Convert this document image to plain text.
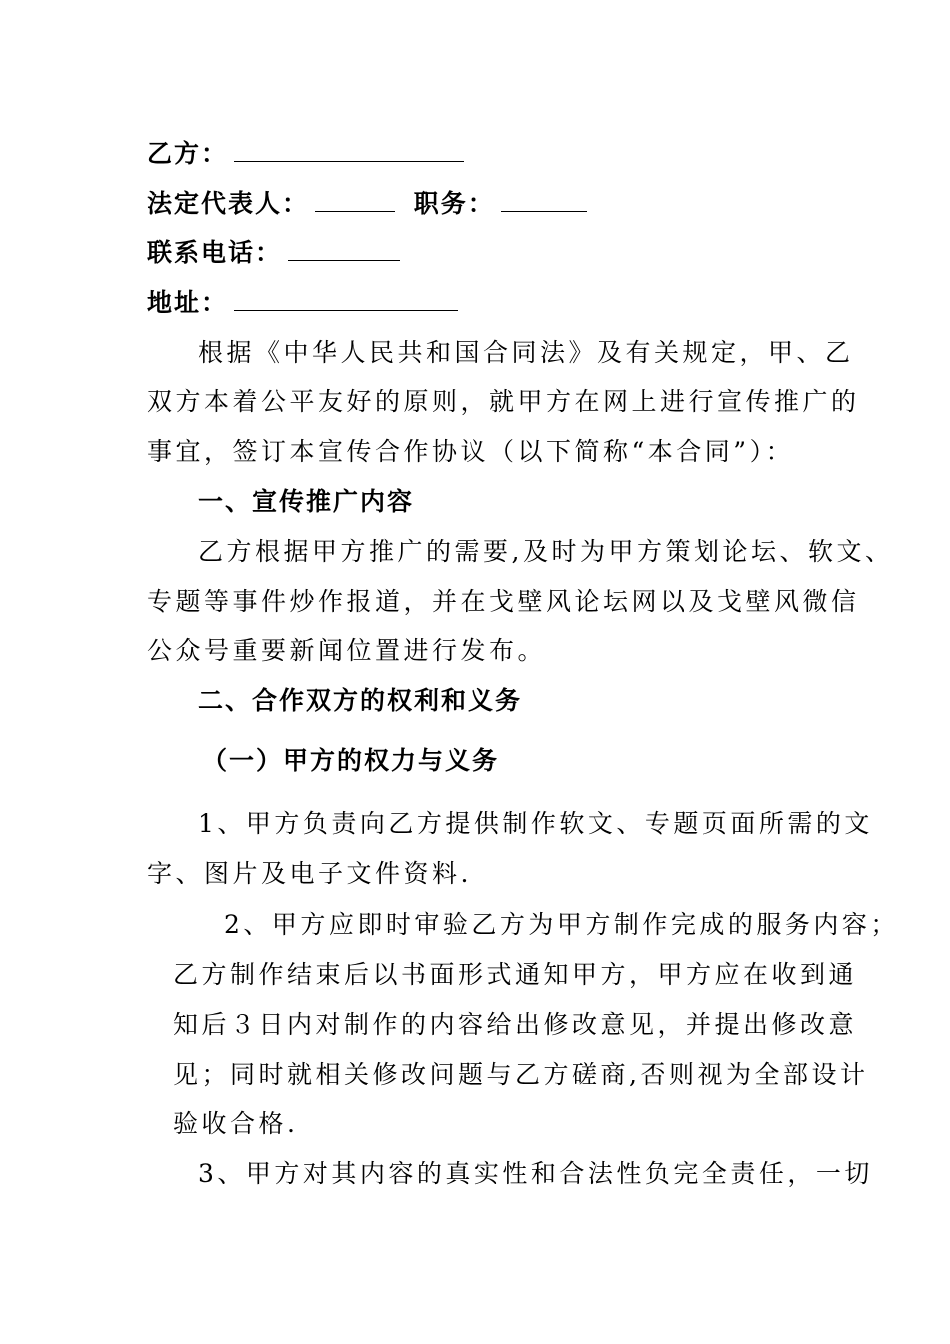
乙方：
法定代表人：	职务：
联系电话：
地址：
根据《中华人民共和国合同法》及有关规定，甲、乙
双方本着公平友好的原则，就甲方在网上进行宣传推广的
事宜，签订本宣传合作协议（以下简称“本合同”）：
一、宣传推广内容
乙方根据甲方推广的需要,及时为甲方策划论坛、软文、
专题等事件炒作报道，并在戈壁风论坛网以及戈壁风微信
公众号重要新闻位置进行发布。
二、合作双方的权利和义务
（一）甲方的权力与义务
1、甲方负责向乙方提供制作软文、专题页面所需的文
字、图片及电子文件资料.
2、甲方应即时审验乙方为甲方制作完成的服务内容；
乙方制作结束后以书面形式通知甲方，甲方应在收到通
知后３日内对制作的内容给出修改意见，并提出修改意
见；同时就相关修改问题与乙方磋商,否则视为全部设计
验收合格.
3、甲方对其内容的真实性和合法性负完全责任，一切
